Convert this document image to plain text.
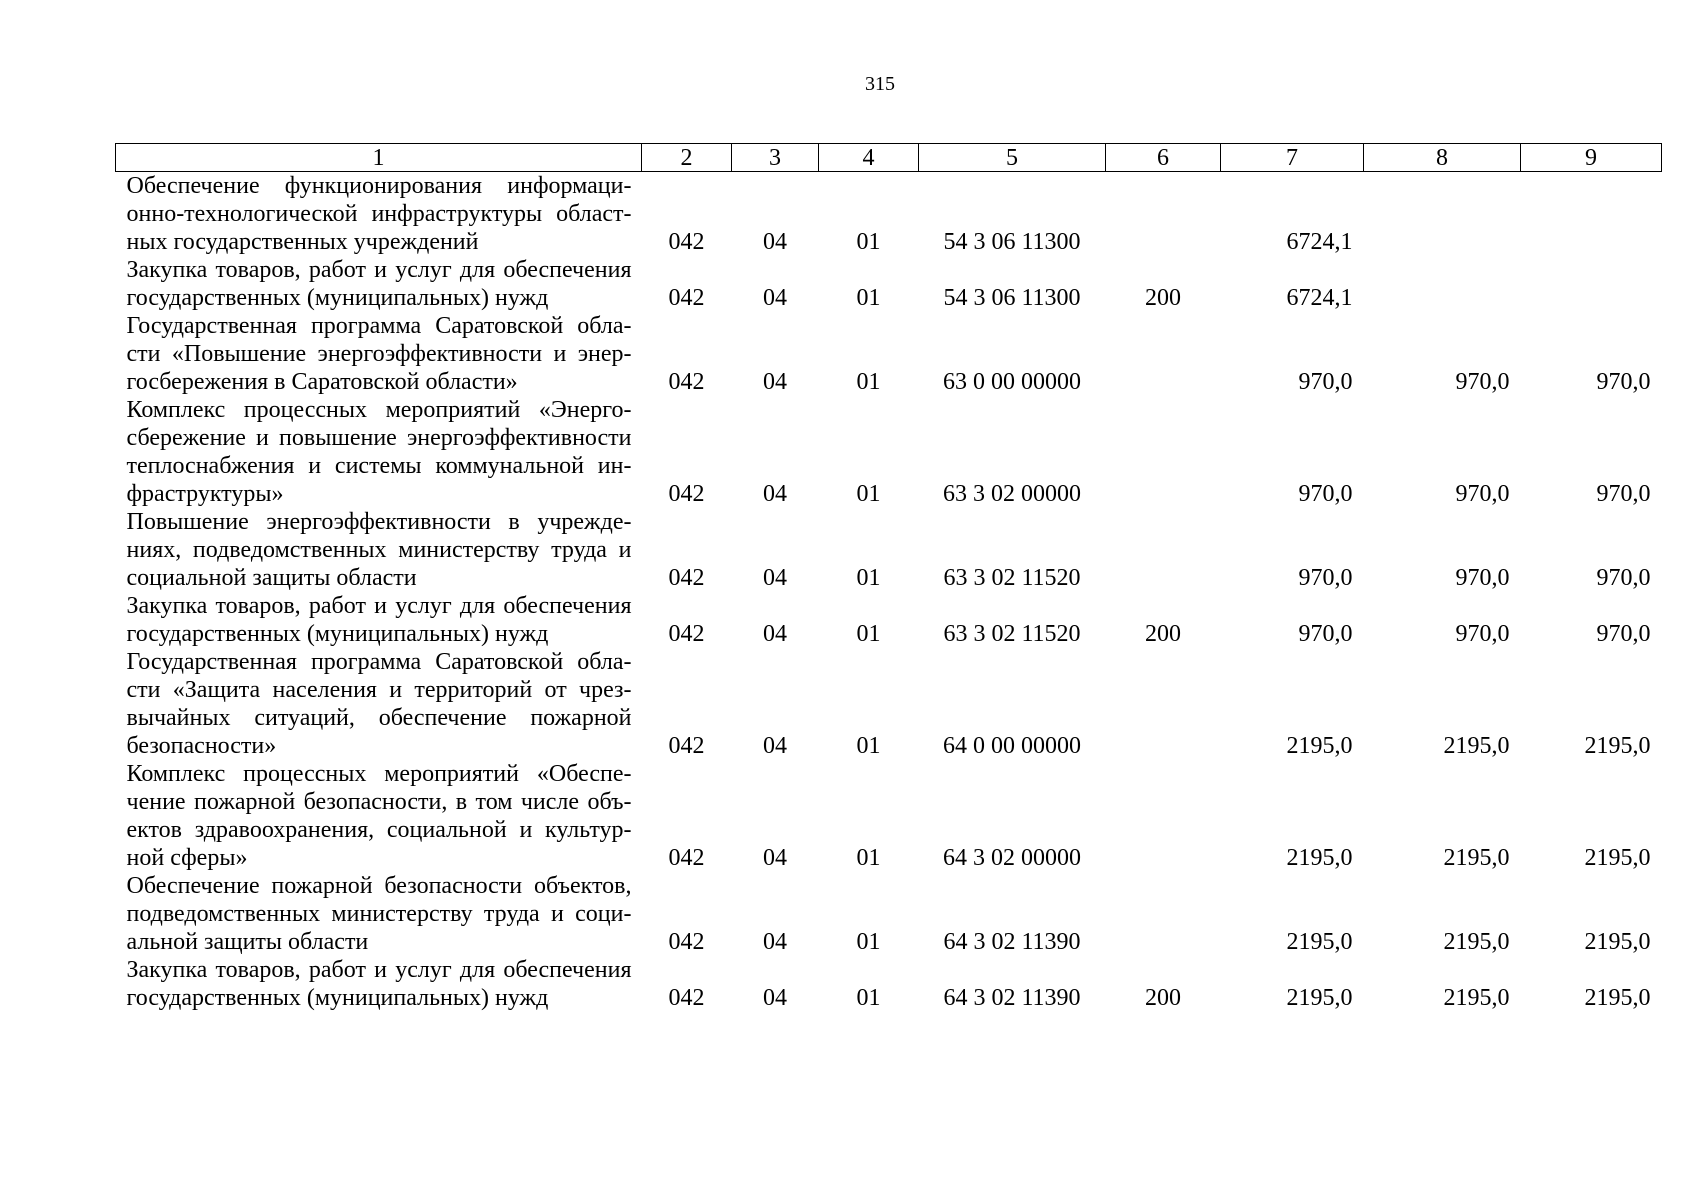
315
1	2	3	4	5	6	7	8	9
Обеспечение функционирования информационно-технологической инфраструктуры областных государственных учреждений	042	04	01	54 3 06 11300		6724,1		
Закупка товаров, работ и услуг для обеспечения государственных (муниципальных) нужд	042	04	01	54 3 06 11300	200	6724,1		
Государственная программа Саратовской области «Повышение энергоэффективности и энергосбережения в Саратовской области»	042	04	01	63 0 00 00000		970,0	970,0	970,0
Комплекс процессных мероприятий «Энергосбережение и повышение энергоэффективности теплоснабжения и системы коммунальной инфраструктуры»	042	04	01	63 3 02 00000		970,0	970,0	970,0
Повышение энергоэффективности в учреждениях, подведомственных министерству труда и социальной защиты области	042	04	01	63 3 02 11520		970,0	970,0	970,0
Закупка товаров, работ и услуг для обеспечения государственных (муниципальных) нужд	042	04	01	63 3 02 11520	200	970,0	970,0	970,0
Государственная программа Саратовской области «Защита населения и территорий от чрезвычайных ситуаций, обеспечение пожарной безопасности»	042	04	01	64 0 00 00000		2195,0	2195,0	2195,0
Комплекс процессных мероприятий «Обеспечение пожарной безопасности, в том числе объектов здравоохранения, социальной и культурной сферы»	042	04	01	64 3 02 00000		2195,0	2195,0	2195,0
Обеспечение пожарной безопасности объектов, подведомственных министерству труда и социальной защиты области	042	04	01	64 3 02 11390		2195,0	2195,0	2195,0
Закупка товаров, работ и услуг для обеспечения государственных (муниципальных) нужд	042	04	01	64 3 02 11390	200	2195,0	2195,0	2195,0
